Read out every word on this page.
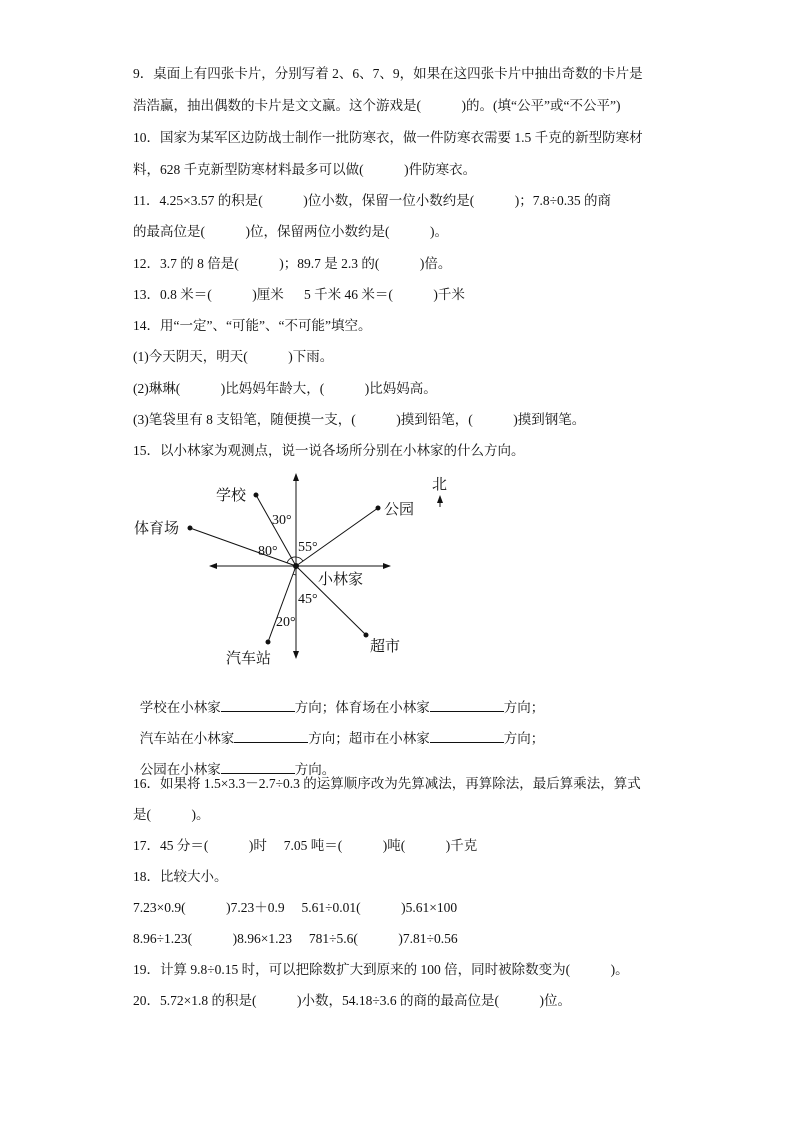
9．桌面上有四张卡片，分别写着 2、6、7、9，如果在这四张卡片中抽出奇数的卡片是
浩浩赢，抽出偶数的卡片是文文赢。这个游戏是(            )的。(填“公平”或“不公平”)
10．国家为某军区边防战士制作一批防寒衣，做一件防寒衣需要 1.5 千克的新型防寒材
料，628 千克新型防寒材料最多可以做(            )件防寒衣。
11．4.25×3.57 的积是(            )位小数，保留一位小数约是(            )；7.8÷0.35 的商
的最高位是(            )位，保留两位小数约是(            )。
12．3.7 的 8 倍是(            )；89.7 是 2.3 的(            )倍。
13．0.8 米＝(            )厘米      5 千米 46 米＝(            )千米
14．用“一定”、“可能”、“不可能”填空。
(1)今天阴天，明天(            )下雨。
(2)琳琳(            )比妈妈年龄大，(            )比妈妈高。
(3)笔袋里有 8 支铅笔，随便摸一支，(            )摸到铅笔，(            )摸到钢笔。
15．以小林家为观测点，说一说各场所分别在小林家的什么方向。
学校
体育场
公园
超市
汽车站
小林家
30°
80° 55°
45°
20°
北

学校在小林家	方向；体育场在小林家	方向；

汽车站在小林家	方向；超市在小林家	方向；

公园在小林家	方向。

16．如果将 1.5×3.3－2.7÷0.3 的运算顺序改为先算减法，再算除法，最后算乘法，算式
是(            )。
17．45 分＝(            )时     7.05 吨＝(            )吨(            )千克
18．比较大小。
7.23×0.9(            )7.23＋0.9     5.61÷0.01(            )5.61×100
8.96÷1.23(            )8.96×1.23     781÷5.6(            )7.81÷0.56
19．计算 9.8÷0.15 时，可以把除数扩大到原来的 100 倍，同时被除数变为(            )。
20．5.72×1.8 的积是(            )小数，54.18÷3.6 的商的最高位是(            )位。
